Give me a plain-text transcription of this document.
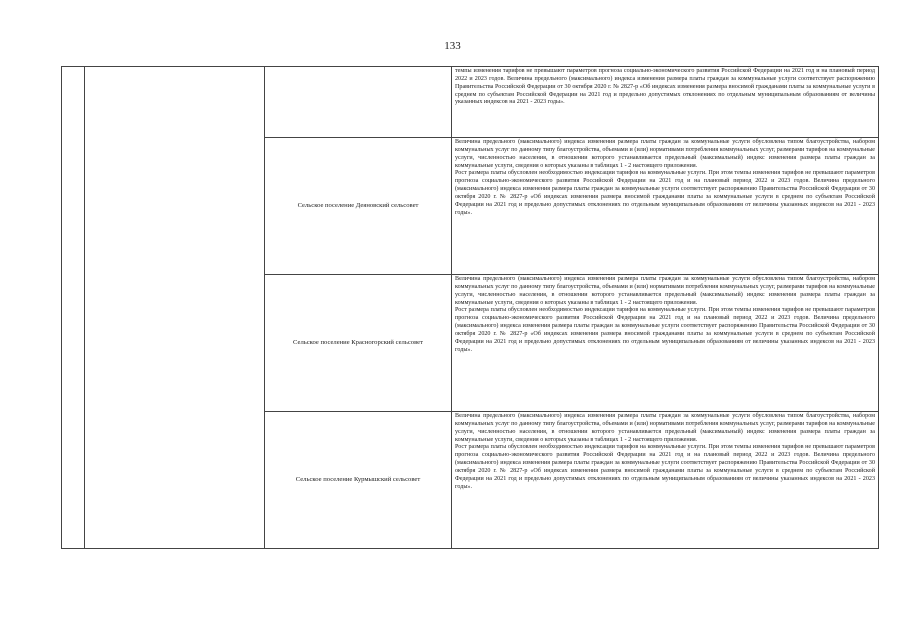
133

			темпы изменения тарифов не превышают параметров прогноза социально-экономического развития Российской Федерации на 2021 год и на плановый период 2022 и 2023 годов. Величина предельного (максимального) индекса изменения размера платы граждан за коммунальные услуги соответствует распоряжению Правительства Российской Федерации от 30 октября 2020 г. № 2827-р «Об индексах изменения размера вносимой гражданами платы за коммунальные услуги в среднем по субъектам Российской Федерации на 2021 год и предельно допустимых отклонениях по отдельным муниципальным образованиям от величины указанных индексов на 2021 - 2023 годы».

		Сельское поселение Деяновский сельсовет	Величина предельного (максимального) индекса изменения размера платы граждан за коммунальные услуги обусловлена типом благоустройства, набором коммунальных услуг по данному типу благоустройства, объемами и (или) нормативами потребления коммунальных услуг, размерами тарифов на коммунальные услуги, численностью населения, в отношении которого устанавливается предельный (максимальный) индекс изменения размера платы граждан за коммунальные услуги, сведения о которых указаны в таблицах 1 - 2 настоящего приложения.

Рост размера платы обусловлен необходимостью индексации тарифов на коммунальные услуги. При этом темпы изменения тарифов не превышают параметров прогноза социально-экономического развития Российской Федерации на 2021 год и на плановый период 2022 и 2023 годов. Величина предельного (максимального) индекса изменения размера платы граждан за коммунальные услуги соответствует распоряжению Правительства Российской Федерации от 30 октября 2020 г. № 2827-р «Об индексах изменения размера вносимой гражданами платы за коммунальные услуги в среднем по субъектам Российской Федерации на 2021 год и предельно допустимых отклонениях по отдельным муниципальным образованиям от величины указанных индексов на 2021 - 2023 годы».

		Сельское поселение Красногорский сельсовет	Величина предельного (максимального) индекса изменения размера платы граждан за коммунальные услуги обусловлена типом благоустройства, набором коммунальных услуг по данному типу благоустройства, объемами и (или) нормативами потребления коммунальных услуг, размерами тарифов на коммунальные услуги, численностью населения, в отношении которого устанавливается предельный (максимальный) индекс изменения размера платы граждан за коммунальные услуги, сведения о которых указаны в таблицах 1 - 2 настоящего приложения.

Рост размера платы обусловлен необходимостью индексации тарифов на коммунальные услуги. При этом темпы изменения тарифов не превышают параметров прогноза социально-экономического развития Российской Федерации на 2021 год и на плановый период 2022 и 2023 годов. Величина предельного (максимального) индекса изменения размера платы граждан за коммунальные услуги соответствует распоряжению Правительства Российской Федерации от 30 октября 2020 г. № 2827-р «Об индексах изменения размера вносимой гражданами платы за коммунальные услуги в среднем по субъектам Российской Федерации на 2021 год и предельно допустимых отклонениях по отдельным муниципальным образованиям от величины указанных индексов на 2021 - 2023 годы».

		Сельское поселение Курмышский сельсовет	Величина предельного (максимального) индекса изменения размера платы граждан за коммунальные услуги обусловлена типом благоустройства, набором коммунальных услуг по данному типу благоустройства, объемами и (или) нормативами потребления коммунальных услуг, размерами тарифов на коммунальные услуги, численностью населения, в отношении которого устанавливается предельный (максимальный) индекс изменения размера платы граждан за коммунальные услуги, сведения о которых указаны в таблицах 1 - 2 настоящего приложения.

Рост размера платы обусловлен необходимостью индексации тарифов на коммунальные услуги. При этом темпы изменения тарифов не превышают параметров прогноза социально-экономического развития Российской Федерации на 2021 год и на плановый период 2022 и 2023 годов. Величина предельного (максимального) индекса изменения размера платы граждан за коммунальные услуги соответствует распоряжению Правительства Российской Федерации от 30 октября 2020 г. № 2827-р «Об индексах изменения размера вносимой гражданами платы за коммунальные услуги в среднем по субъектам Российской Федерации на 2021 год и предельно допустимых отклонениях по отдельным муниципальным образованиям от величины указанных индексов на 2021 - 2023 годы».
